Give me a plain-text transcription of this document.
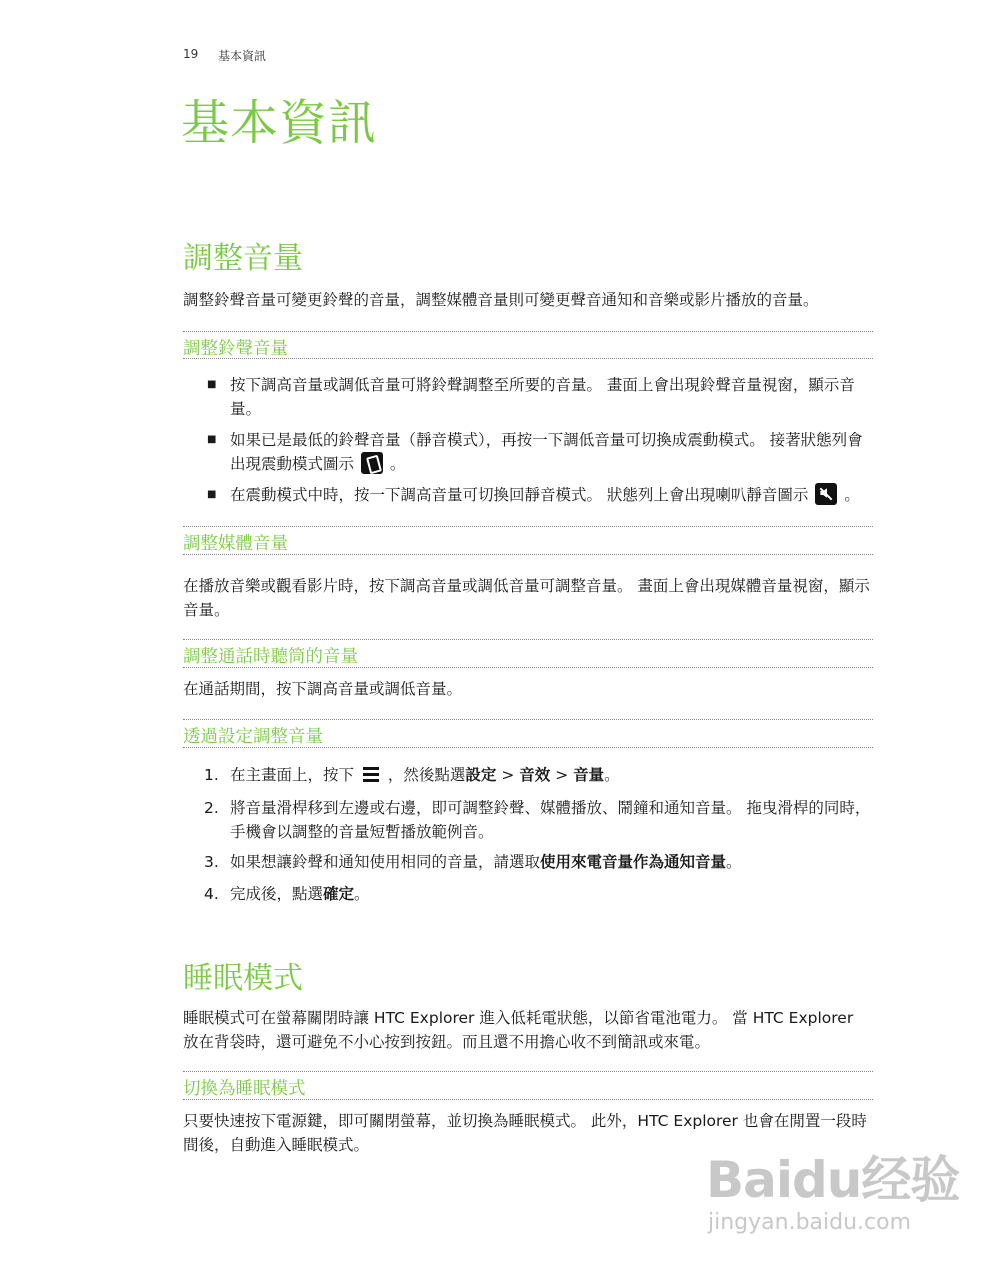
19 基本資訊
基本資訊
調整音量
調整鈴聲音量可變更鈴聲的音量，調整媒體音量則可變更聲音通知和音樂或影片播放的音量。
調整鈴聲音量
■ 按下調高音量或調低音量可將鈴聲調整至所要的音量。 畫面上會出現鈴聲音量視窗，顯示音量。
■ 如果已是最低的鈴聲音量（靜音模式），再按一下調低音量可切換成震動模式。 接著狀態列會出現震動模式圖示 。
■ 在震動模式中時，按一下調高音量可切換回靜音模式。 狀態列上會出現喇叭靜音圖示 。
調整媒體音量
在播放音樂或觀看影片時，按下調高音量或調低音量可調整音量。 畫面上會出現媒體音量視窗，顯示音量。
調整通話時聽筒的音量
在通話期間，按下調高音量或調低音量。
透過設定調整音量
1. 在主畫面上，按下 ，然後點選設定 > 音效 > 音量。
2. 將音量滑桿移到左邊或右邊，即可調整鈴聲、媒體播放、鬧鐘和通知音量。 拖曳滑桿的同時，手機會以調整的音量短暫播放範例音。
3. 如果想讓鈴聲和通知使用相同的音量，請選取使用來電音量作為通知音量。
4. 完成後，點選確定。
睡眠模式
睡眠模式可在螢幕關閉時讓 HTC Explorer 進入低耗電狀態，以節省電池電力。 當 HTC Explorer 放在背袋時，還可避免不小心按到按鈕。而且還不用擔心收不到簡訊或來電。
切換為睡眠模式
只要快速按下電源鍵，即可關閉螢幕，並切換為睡眠模式。 此外，HTC Explorer 也會在閒置一段時間後，自動進入睡眠模式。
Baidu经验
jingyan.baidu.com
